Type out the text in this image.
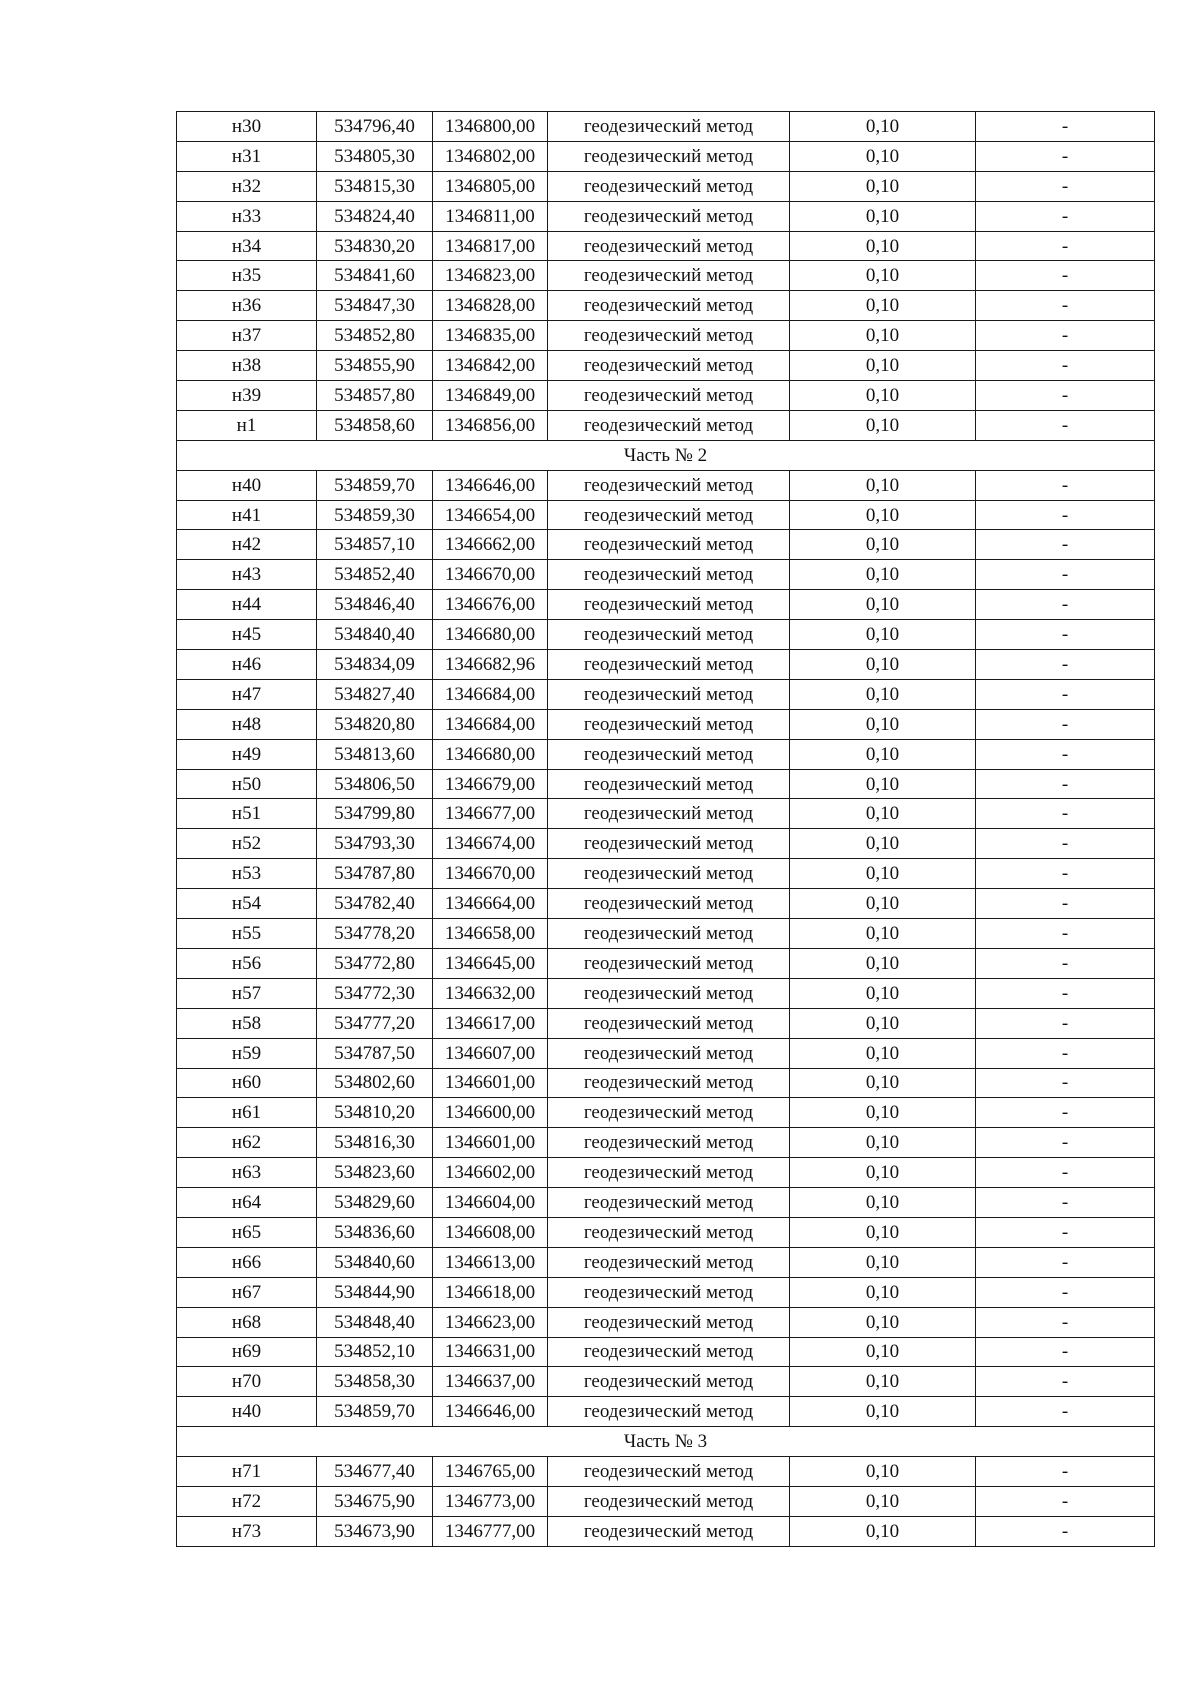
н30	534796,40	1346800,00	геодезический метод	0,10	-
н31	534805,30	1346802,00	геодезический метод	0,10	-
н32	534815,30	1346805,00	геодезический метод	0,10	-
н33	534824,40	1346811,00	геодезический метод	0,10	-
н34	534830,20	1346817,00	геодезический метод	0,10	-
н35	534841,60	1346823,00	геодезический метод	0,10	-
н36	534847,30	1346828,00	геодезический метод	0,10	-
н37	534852,80	1346835,00	геодезический метод	0,10	-
н38	534855,90	1346842,00	геодезический метод	0,10	-
н39	534857,80	1346849,00	геодезический метод	0,10	-
н1	534858,60	1346856,00	геодезический метод	0,10	-
Часть № 2					
н40	534859,70	1346646,00	геодезический метод	0,10	-
н41	534859,30	1346654,00	геодезический метод	0,10	-
н42	534857,10	1346662,00	геодезический метод	0,10	-
н43	534852,40	1346670,00	геодезический метод	0,10	-
н44	534846,40	1346676,00	геодезический метод	0,10	-
н45	534840,40	1346680,00	геодезический метод	0,10	-
н46	534834,09	1346682,96	геодезический метод	0,10	-
н47	534827,40	1346684,00	геодезический метод	0,10	-
н48	534820,80	1346684,00	геодезический метод	0,10	-
н49	534813,60	1346680,00	геодезический метод	0,10	-
н50	534806,50	1346679,00	геодезический метод	0,10	-
н51	534799,80	1346677,00	геодезический метод	0,10	-
н52	534793,30	1346674,00	геодезический метод	0,10	-
н53	534787,80	1346670,00	геодезический метод	0,10	-
н54	534782,40	1346664,00	геодезический метод	0,10	-
н55	534778,20	1346658,00	геодезический метод	0,10	-
н56	534772,80	1346645,00	геодезический метод	0,10	-
н57	534772,30	1346632,00	геодезический метод	0,10	-
н58	534777,20	1346617,00	геодезический метод	0,10	-
н59	534787,50	1346607,00	геодезический метод	0,10	-
н60	534802,60	1346601,00	геодезический метод	0,10	-
н61	534810,20	1346600,00	геодезический метод	0,10	-
н62	534816,30	1346601,00	геодезический метод	0,10	-
н63	534823,60	1346602,00	геодезический метод	0,10	-
н64	534829,60	1346604,00	геодезический метод	0,10	-
н65	534836,60	1346608,00	геодезический метод	0,10	-
н66	534840,60	1346613,00	геодезический метод	0,10	-
н67	534844,90	1346618,00	геодезический метод	0,10	-
н68	534848,40	1346623,00	геодезический метод	0,10	-
н69	534852,10	1346631,00	геодезический метод	0,10	-
н70	534858,30	1346637,00	геодезический метод	0,10	-
н40	534859,70	1346646,00	геодезический метод	0,10	-
Часть № 3					
н71	534677,40	1346765,00	геодезический метод	0,10	-
н72	534675,90	1346773,00	геодезический метод	0,10	-
н73	534673,90	1346777,00	геодезический метод	0,10	-
